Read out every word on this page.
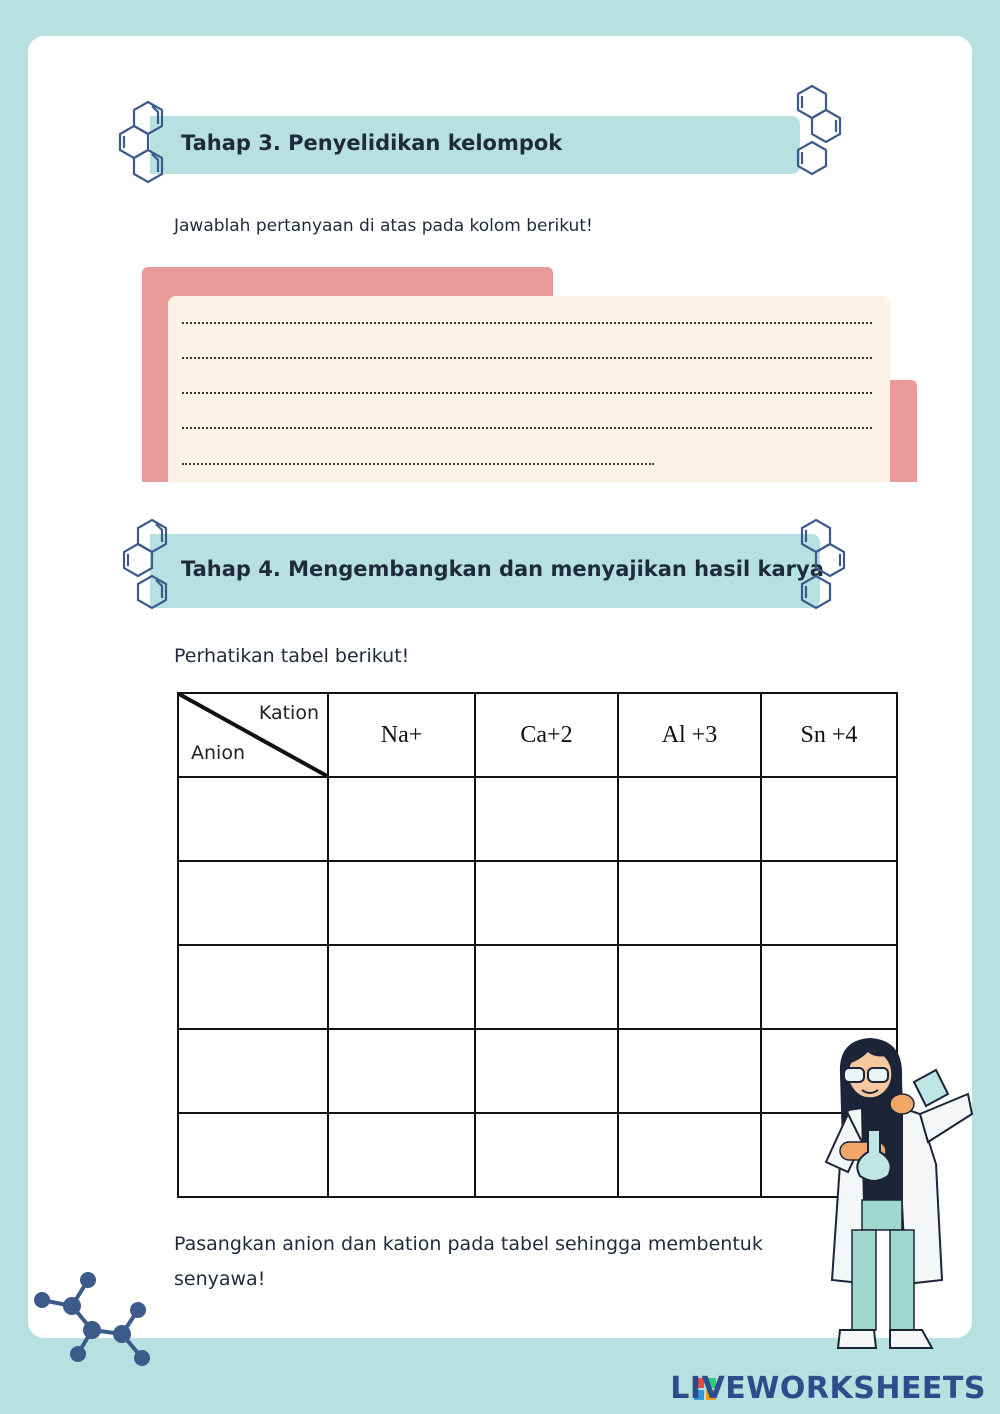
Tahap 3. Penyelidikan kelompok
Jawablah pertanyaan di atas pada kolom berikut!
Tahap 4. Mengembangkan dan menyajikan hasil karya
Perhatikan tabel berikut!
Kation
Anion	Na+	Ca+2	Al +3	Sn +4

Pasangkan anion dan kation pada tabel sehingga membentuk
senyawa!
LIVEWORKSHEETS
